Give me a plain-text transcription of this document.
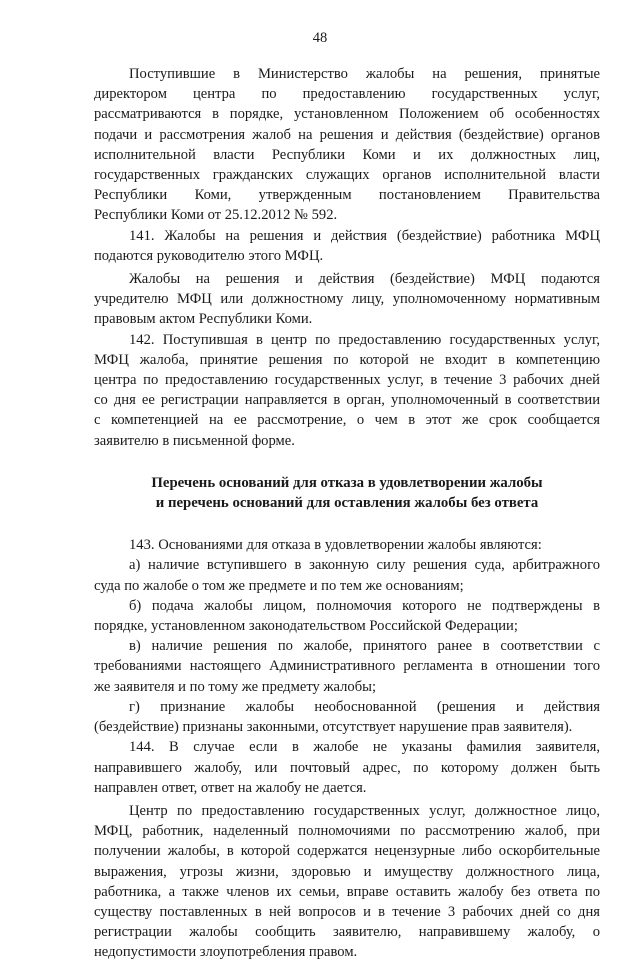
48
Поступившие в Министерство жалобы на решения, принятые
директором центра по предоставлению государственных услуг,
рассматриваются в порядке, установленном Положением об особенностях
подачи и рассмотрения жалоб на решения и действия (бездействие) органов
исполнительной власти Республики Коми и их должностных лиц,
государственных гражданских служащих органов исполнительной власти
Республики Коми, утвержденным постановлением Правительства
Республики Коми от 25.12.2012 № 592.
141. Жалобы на решения и действия (бездействие) работника МФЦ
подаются руководителю этого МФЦ.
Жалобы на решения и действия (бездействие) МФЦ подаются
учредителю МФЦ или должностному лицу, уполномоченному нормативным
правовым актом Республики Коми.
142. Поступившая в центр по предоставлению государственных услуг,
МФЦ жалоба, принятие решения по которой не входит в компетенцию
центра по предоставлению государственных услуг, в течение 3 рабочих дней
со дня ее регистрации направляется в орган, уполномоченный в соответствии
с компетенцией на ее рассмотрение, о чем в этот же срок сообщается
заявителю в письменной форме.
Перечень оснований для отказа в удовлетворении жалобы
и перечень оснований для оставления жалобы без ответа
143. Основаниями для отказа в удовлетворении жалобы являются:
а) наличие вступившего в законную силу решения суда, арбитражного
суда по жалобе о том же предмете и по тем же основаниям;
б) подача жалобы лицом, полномочия которого не подтверждены в
порядке, установленном законодательством Российской Федерации;
в) наличие решения по жалобе, принятого ранее в соответствии с
требованиями настоящего Административного регламента в отношении того
же заявителя и по тому же предмету жалобы;
г) признание жалобы необоснованной (решения и действия
(бездействие) признаны законными, отсутствует нарушение прав заявителя).
144. В случае если в жалобе не указаны фамилия заявителя,
направившего жалобу, или почтовый адрес, по которому должен быть
направлен ответ, ответ на жалобу не дается.
Центр по предоставлению государственных услуг, должностное лицо,
МФЦ, работник, наделенный полномочиями по рассмотрению жалоб, при
получении жалобы, в которой содержатся нецензурные либо оскорбительные
выражения, угрозы жизни, здоровью и имуществу должностного лица,
работника, а также членов их семьи, вправе оставить жалобу без ответа по
существу поставленных в ней вопросов и в течение 3 рабочих дней со дня
регистрации жалобы сообщить заявителю, направившему жалобу, о
недопустимости злоупотребления правом.
